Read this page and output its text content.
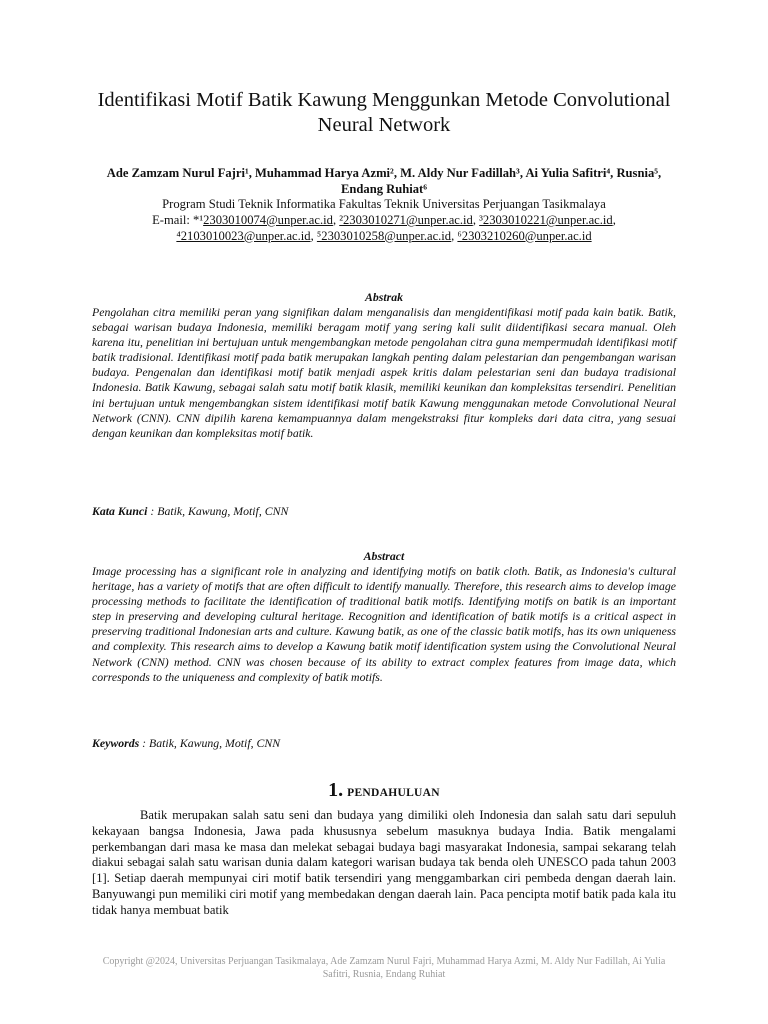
Identifikasi Motif Batik Kawung Menggunkan Metode Convolutional Neural Network
Ade Zamzam Nurul Fajri¹, Muhammad Harya Azmi², M. Aldy Nur Fadillah³, Ai Yulia Safitri⁴, Rusnia⁵, Endang Ruhiat⁶
Program Studi Teknik Informatika Fakultas Teknik Universitas Perjuangan Tasikmalaya
E-mail: *¹2303010074@unper.ac.id, ²2303010271@unper.ac.id, ³2303010221@unper.ac.id,
⁴2103010023@unper.ac.id, ⁵2303010258@unper.ac.id, ⁶2303210260@unper.ac.id
Abstrak
Pengolahan citra memiliki peran yang signifikan dalam menganalisis dan mengidentifikasi motif pada kain batik. Batik, sebagai warisan budaya Indonesia, memiliki beragam motif yang sering kali sulit diidentifikasi secara manual. Oleh karena itu, penelitian ini bertujuan untuk mengembangkan metode pengolahan citra guna mempermudah identifikasi motif batik tradisional. Identifikasi motif pada batik merupakan langkah penting dalam pelestarian dan pengembangan warisan budaya. Pengenalan dan identifikasi motif batik menjadi aspek kritis dalam pelestarian seni dan budaya tradisional Indonesia. Batik Kawung, sebagai salah satu motif batik klasik, memiliki keunikan dan kompleksitas tersendiri. Penelitian ini bertujuan untuk mengembangkan sistem identifikasi motif batik Kawung menggunakan metode Convolutional Neural Network (CNN). CNN dipilih karena kemampuannya dalam mengekstraksi fitur kompleks dari data citra, yang sesuai dengan keunikan dan kompleksitas motif batik.
Kata Kunci : Batik, Kawung, Motif, CNN
Abstract
Image processing has a significant role in analyzing and identifying motifs on batik cloth. Batik, as Indonesia's cultural heritage, has a variety of motifs that are often difficult to identify manually. Therefore, this research aims to develop image processing methods to facilitate the identification of traditional batik motifs. Identifying motifs on batik is an important step in preserving and developing cultural heritage. Recognition and identification of batik motifs is a critical aspect in preserving traditional Indonesian arts and culture. Kawung batik, as one of the classic batik motifs, has its own uniqueness and complexity. This research aims to develop a Kawung batik motif identification system using the Convolutional Neural Network (CNN) method. CNN was chosen because of its ability to extract complex features from image data, which corresponds to the uniqueness and complexity of batik motifs.
Keywords : Batik, Kawung, Motif, CNN
1. PENDAHULUAN
Batik merupakan salah satu seni dan budaya yang dimiliki oleh Indonesia dan salah satu dari sepuluh kekayaan bangsa Indonesia, Jawa pada khususnya sebelum masuknya budaya India. Batik mengalami perkembangan dari masa ke masa dan melekat sebagai budaya bagi masyarakat Indonesia, sampai sekarang telah diakui sebagai salah satu warisan dunia dalam kategori warisan budaya tak benda oleh UNESCO pada tahun 2003 [1]. Setiap daerah mempunyai ciri motif batik tersendiri yang menggambarkan ciri pembeda dengan daerah lain. Banyuwangi pun memiliki ciri motif yang membedakan dengan daerah lain. Paca pencipta motif batik pada kala itu tidak hanya membuat batik
Copyright @2024, Universitas Perjuangan Tasikmalaya, Ade Zamzam Nurul Fajri, Muhammad Harya Azmi, M. Aldy Nur Fadillah, Ai Yulia Safitri, Rusnia, Endang Ruhiat
